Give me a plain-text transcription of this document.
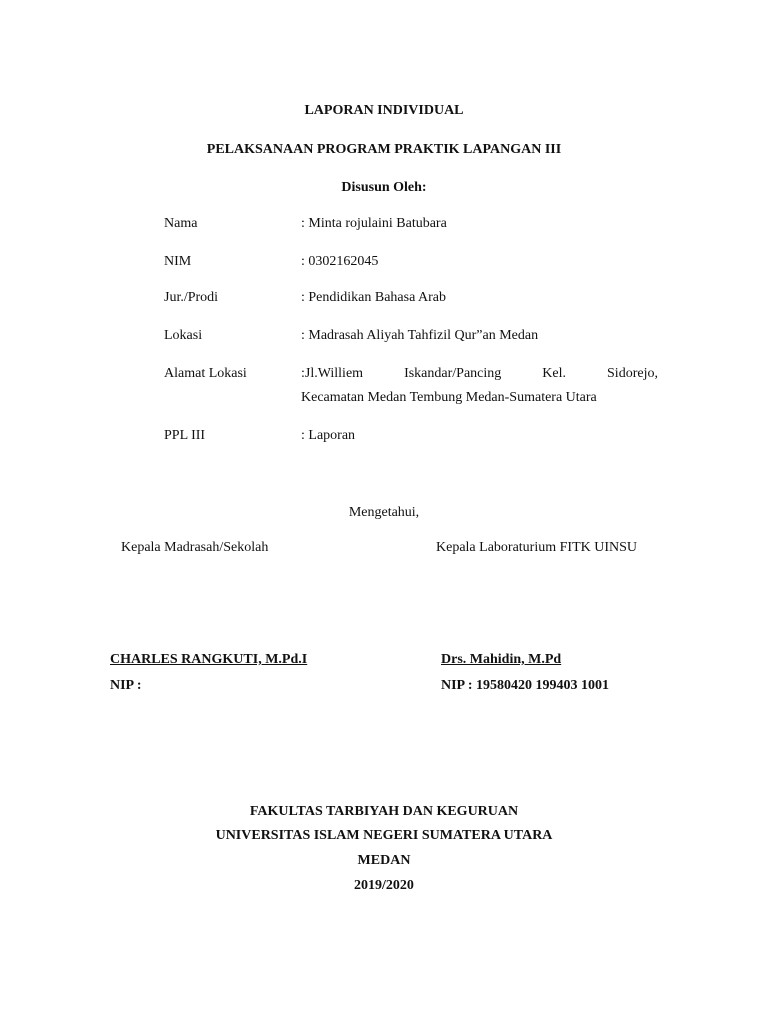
LAPORAN INDIVIDUAL
PELAKSANAAN PROGRAM PRAKTIK LAPANGAN III
Disusun Oleh:
Nama	: Minta rojulaini Batubara
NIM	: 0302162045
Jur./Prodi	: Pendidikan Bahasa Arab
Lokasi	: Madrasah Aliyah Tahfizil Qur”an Medan
Alamat Lokasi	:Jl.Williem	Iskandar/Pancing	Kel.	Sidorejo,
Kecamatan Medan Tembung Medan-Sumatera Utara
PPL III	: Laporan
Mengetahui,
Kepala Madrasah/Sekolah	Kepala Laboraturium FITK UINSU
CHARLES RANGKUTI, M.Pd.I
NIP :
Drs. Mahidin, M.Pd
NIP : 19580420 199403 1001
FAKULTAS TARBIYAH DAN KEGURUAN
UNIVERSITAS ISLAM NEGERI SUMATERA UTARA
MEDAN
2019/2020
